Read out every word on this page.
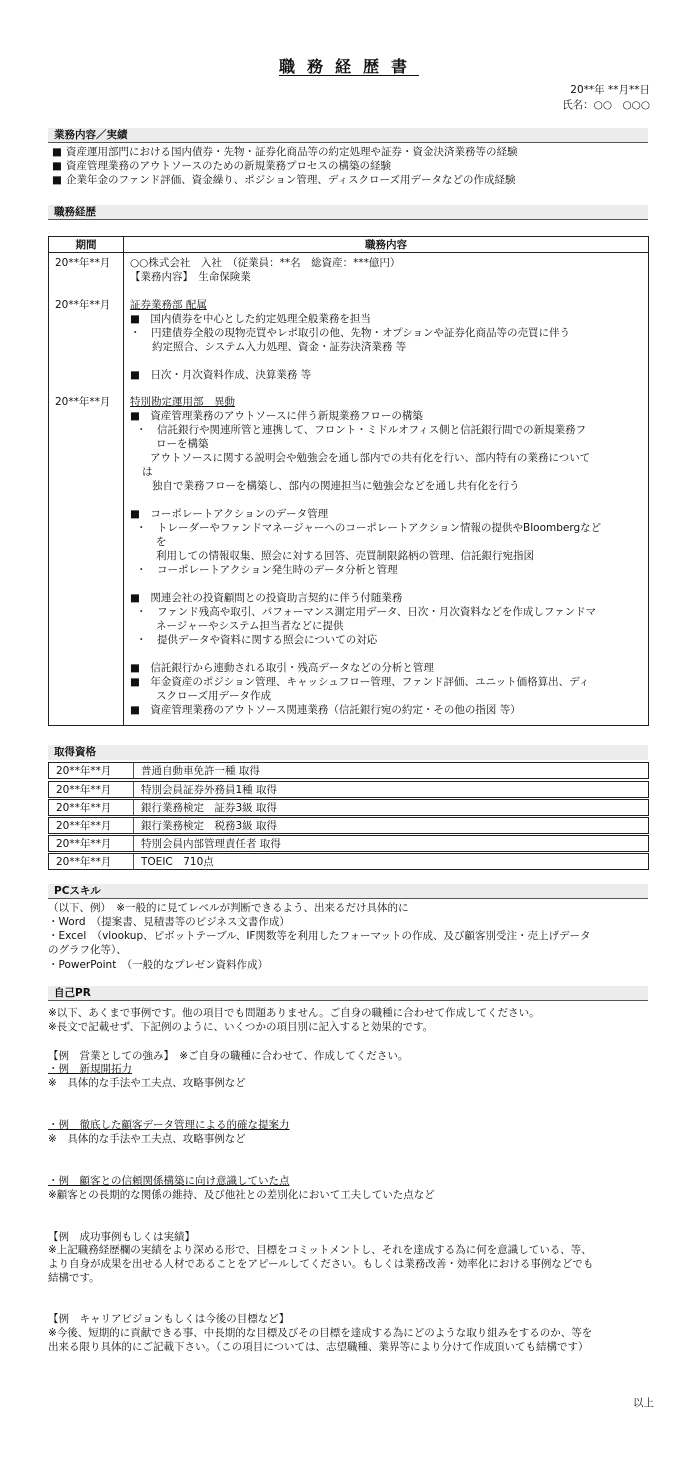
職務経歴書
20**年 **月**日
氏名：○○　○○○
業務内容／実績
■ 資産運用部門における国内債券・先物・証券化商品等の約定処理や証券・資金決済業務等の経験
■ 資産管理業務のアウトソースのための新規業務プロセスの構築の経験
■ 企業年金のファンド評価、資金繰り、ポジション管理、ディスクローズ用データなどの作成経験
職務経歴
期間	職務内容
20**年**月 ○○株式会社　入社　（従業員：**名　総資産：***億円）
【業務内容】　生命保険業
20**年**月 証券業務部 配属
■　国内債券を中心とした約定処理全般業務を担当
・　円建債券全般の現物売買やレポ取引の他、先物・オプションや証券化商品等の売買に伴う
約定照合、システム入力処理、資金・証券決済業務 等
■　日次・月次資料作成、決算業務 等
20**年**月 特別勘定運用部　異動
■　資産管理業務のアウトソースに伴う新規業務フローの構築
・　信託銀行や関連所管と連携して、フロント・ミドルオフィス側と信託銀行間での新規業務フ
ローを構築
アウトソースに関する説明会や勉強会を通し部内での共有化を行い、部内特有の業務について
は
独自で業務フローを構築し、部内の関連担当に勉強会などを通し共有化を行う
■　コーポレートアクションのデータ管理
・　トレーダーやファンドマネージャーへのコーポレートアクション情報の提供やBloombergなど
を
利用しての情報収集、照会に対する回答、売買制限銘柄の管理、信託銀行宛指図
・　コーポレートアクション発生時のデータ分析と管理
■　関連会社の投資顧問との投資助言契約に伴う付随業務
・　ファンド残高や取引、パフォーマンス測定用データ、日次・月次資料などを作成しファンドマ
ネージャーやシステム担当者などに提供
・　提供データや資料に関する照会についての対応
■　信託銀行から連動される取引・残高データなどの分析と管理
■　年金資産のポジション管理、キャッシュフロー管理、ファンド評価、ユニット価格算出、ディ
スクローズ用データ作成
■　資産管理業務のアウトソース関連業務（信託銀行宛の約定・その他の指図 等）
取得資格
20**年**月	普通自動車免許一種 取得
20**年**月	特別会員証券外務員1種 取得
20**年**月	銀行業務検定　証券3級 取得
20**年**月	銀行業務検定　税務3級 取得
20**年**月	特別会員内部管理責任者 取得
20**年**月	TOEIC　710点
PCスキル
（以下、例）　※一般的に見てレベルが判断できるよう、出来るだけ具体的に
・Word　（提案書、見積書等のビジネス文書作成）
・Excel　（vlookup、ピボットテーブル、IF関数等を利用したフォーマットの作成、及び顧客別受注・売上げデータ
のグラフ化等）、
・PowerPoint　（一般的なプレゼン資料作成）
自己PR
※以下、あくまで事例です。他の項目でも問題ありません。ご自身の職種に合わせて作成してください。
※長文で記載せず、下記例のように、いくつかの項目別に記入すると効果的です。
【例　営業としての強み】　※ご自身の職種に合わせて、作成してください。
・例　新規開拓力
※　具体的な手法や工夫点、攻略事例など
・例　徹底した顧客データ管理による的確な提案力
※　具体的な手法や工夫点、攻略事例など
・例　顧客との信頼関係構築に向け意識していた点
※顧客との長期的な関係の維持、及び他社との差別化において工夫していた点など
【例　成功事例もしくは実績】
※上記職務経歴欄の実績をより深める形で、目標をコミットメントし、それを達成する為に何を意識している、等、
より自身が成果を出せる人材であることをアピールしてください。もしくは業務改善・効率化における事例などでも
結構です。
【例　キャリアビジョンもしくは今後の目標など】
※今後、短期的に貢献できる事、中長期的な目標及びその目標を達成する為にどのような取り組みをするのか、等を
出来る限り具体的にご記載下さい。（この項目については、志望職種、業界等により分けて作成頂いても結構です）
以上
